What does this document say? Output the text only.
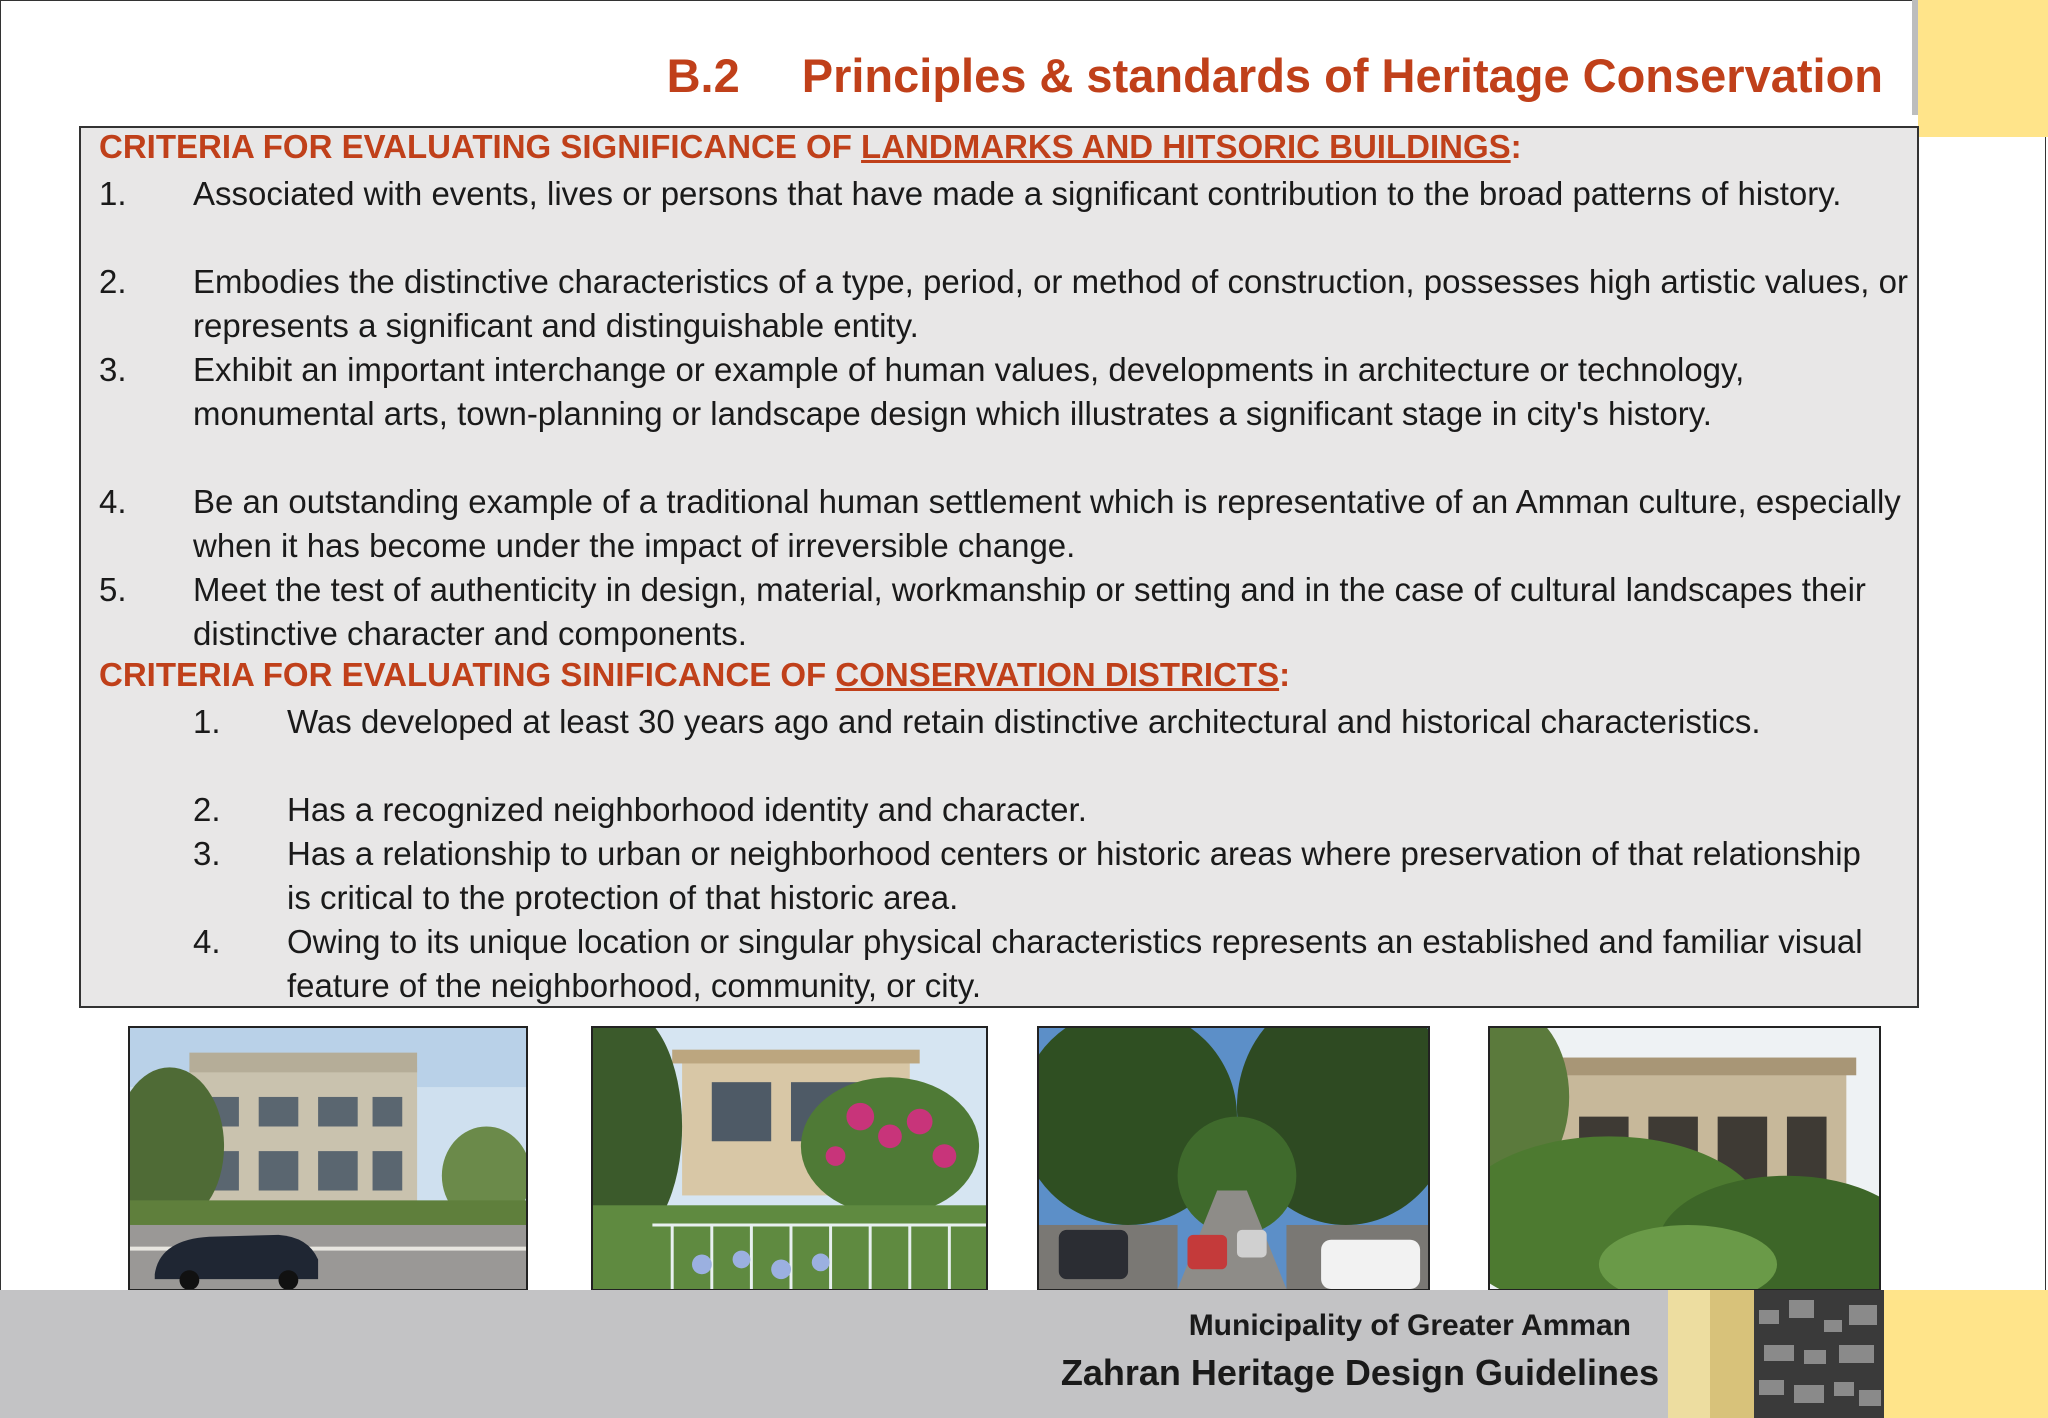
B.2 Principles & standards of Heritage Conservation
CRITERIA FOR EVALUATING SIGNIFICANCE OF LANDMARKS AND HITSORIC BUILDINGS:
1. Associated with events, lives or persons that have made a significant contribution to the broad patterns of history.
2. Embodies the distinctive characteristics of a type, period, or method of construction, possesses high artistic values, or represents a significant and distinguishable entity.
3. Exhibit an important interchange or example of human values, developments in architecture or technology, monumental arts, town-planning or landscape design which illustrates a significant stage in city's history.
4. Be an outstanding example of a traditional human settlement which is representative of an Amman culture, especially when it has become under the impact of irreversible change.
5. Meet the test of authenticity in design, material, workmanship or setting and in the case of cultural landscapes their distinctive character and components.
CRITERIA FOR EVALUATING SINIFICANCE OF CONSERVATION DISTRICTS:
1. Was developed at least 30 years ago and retain distinctive architectural and historical characteristics.
2. Has a recognized neighborhood identity and character.
3. Has a relationship to urban or neighborhood centers or historic areas where preservation of that relationship is critical to the protection of that historic area.
4. Owing to its unique location or singular physical characteristics represents an established and familiar visual feature of the neighborhood, community, or city.
Municipality of Greater Amman
Zahran Heritage Design Guidelines
